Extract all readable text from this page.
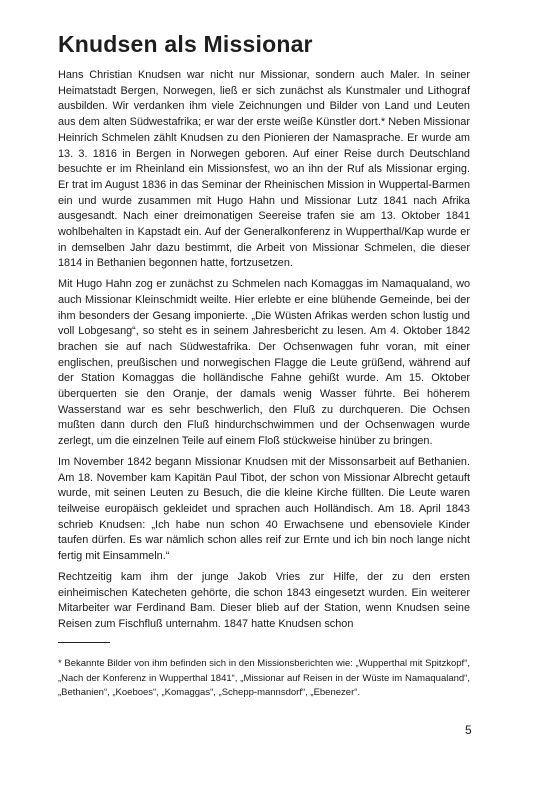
Knudsen als Missionar

Hans Christian Knudsen war nicht nur Missionar, sondern auch Maler. In seiner Heimatstadt Bergen, Norwegen, ließ er sich zunächst als Kunstmaler und Lithograf ausbilden. Wir verdanken ihm viele Zeichnungen und Bilder von Land und Leuten aus dem alten Südwestafrika; er war der erste weiße Künstler dort.* Neben Missionar Heinrich Schmelen zählt Knudsen zu den Pionieren der Namasprache. Er wurde am 13. 3. 1816 in Bergen in Norwegen geboren. Auf einer Reise durch Deutschland besuchte er im Rheinland ein Missionsfest, wo an ihn der Ruf als Missionar erging. Er trat im August 1836 in das Seminar der Rheinischen Mission in Wuppertal-Barmen ein und wurde zusammen mit Hugo Hahn und Missionar Lutz 1841 nach Afrika ausgesandt. Nach einer dreimonatigen Seereise trafen sie am 13. Oktober 1841 wohlbehalten in Kapstadt ein. Auf der Generalkonferenz in Wupperthal/Kap wurde er in demselben Jahr dazu bestimmt, die Arbeit von Missionar Schmelen, die dieser 1814 in Bethanien begonnen hatte, fortzusetzen.

Mit Hugo Hahn zog er zunächst zu Schmelen nach Komaggas im Namaqualand, wo auch Missionar Kleinschmidt weilte. Hier erlebte er eine blühende Gemeinde, bei der ihm besonders der Gesang imponierte. „Die Wüsten Afrikas werden schon lustig und voll Lobgesang“, so steht es in seinem Jahresbericht zu lesen. Am 4. Oktober 1842 brachen sie auf nach Südwestafrika. Der Ochsenwagen fuhr voran, mit einer englischen, preußischen und norwegischen Flagge die Leute grüßend, während auf der Station Komaggas die holländische Fahne gehißt wurde. Am 15. Oktober überquerten sie den Oranje, der damals wenig Wasser führte. Bei höherem Wasserstand war es sehr beschwerlich, den Fluß zu durchqueren. Die Ochsen mußten dann durch den Fluß hindurchschwimmen und der Ochsenwagen wurde zerlegt, um die einzelnen Teile auf einem Floß stückweise hinüber zu bringen.

Im November 1842 begann Missionar Knudsen mit der Missonsarbeit auf Bethanien. Am 18. November kam Kapitän Paul Tibot, der schon von Missionar Albrecht getauft wurde, mit seinen Leuten zu Besuch, die die kleine Kirche füllten. Die Leute waren teilweise europäisch gekleidet und sprachen auch Holländisch. Am 18. April 1843 schrieb Knudsen: „Ich habe nun schon 40 Erwachsene und ebensoviele Kinder taufen dürfen. Es war nämlich schon alles reif zur Ernte und ich bin noch lange nicht fertig mit Einsammeln.“

Rechtzeitig kam ihm der junge Jakob Vries zur Hilfe, der zu den ersten einheimischen Katecheten gehörte, die schon 1843 eingesetzt wurden. Ein weiterer Mitarbeiter war Ferdinand Bam. Dieser blieb auf der Station, wenn Knudsen seine Reisen zum Fischfluß unternahm. 1847 hatte Knudsen schon

* Bekannte Bilder von ihm befinden sich in den Missionsberichten wie: „Wupperthal mit Spitzkopf“, „Nach der Konferenz in Wupperthal 1841“, „Missionar auf Reisen in der Wüste im Namaqualand“, „Bethanien“, „Koeboes“, „Komaggas“, „Schepp-mannsdorf“, „Ebenezer“.

5
